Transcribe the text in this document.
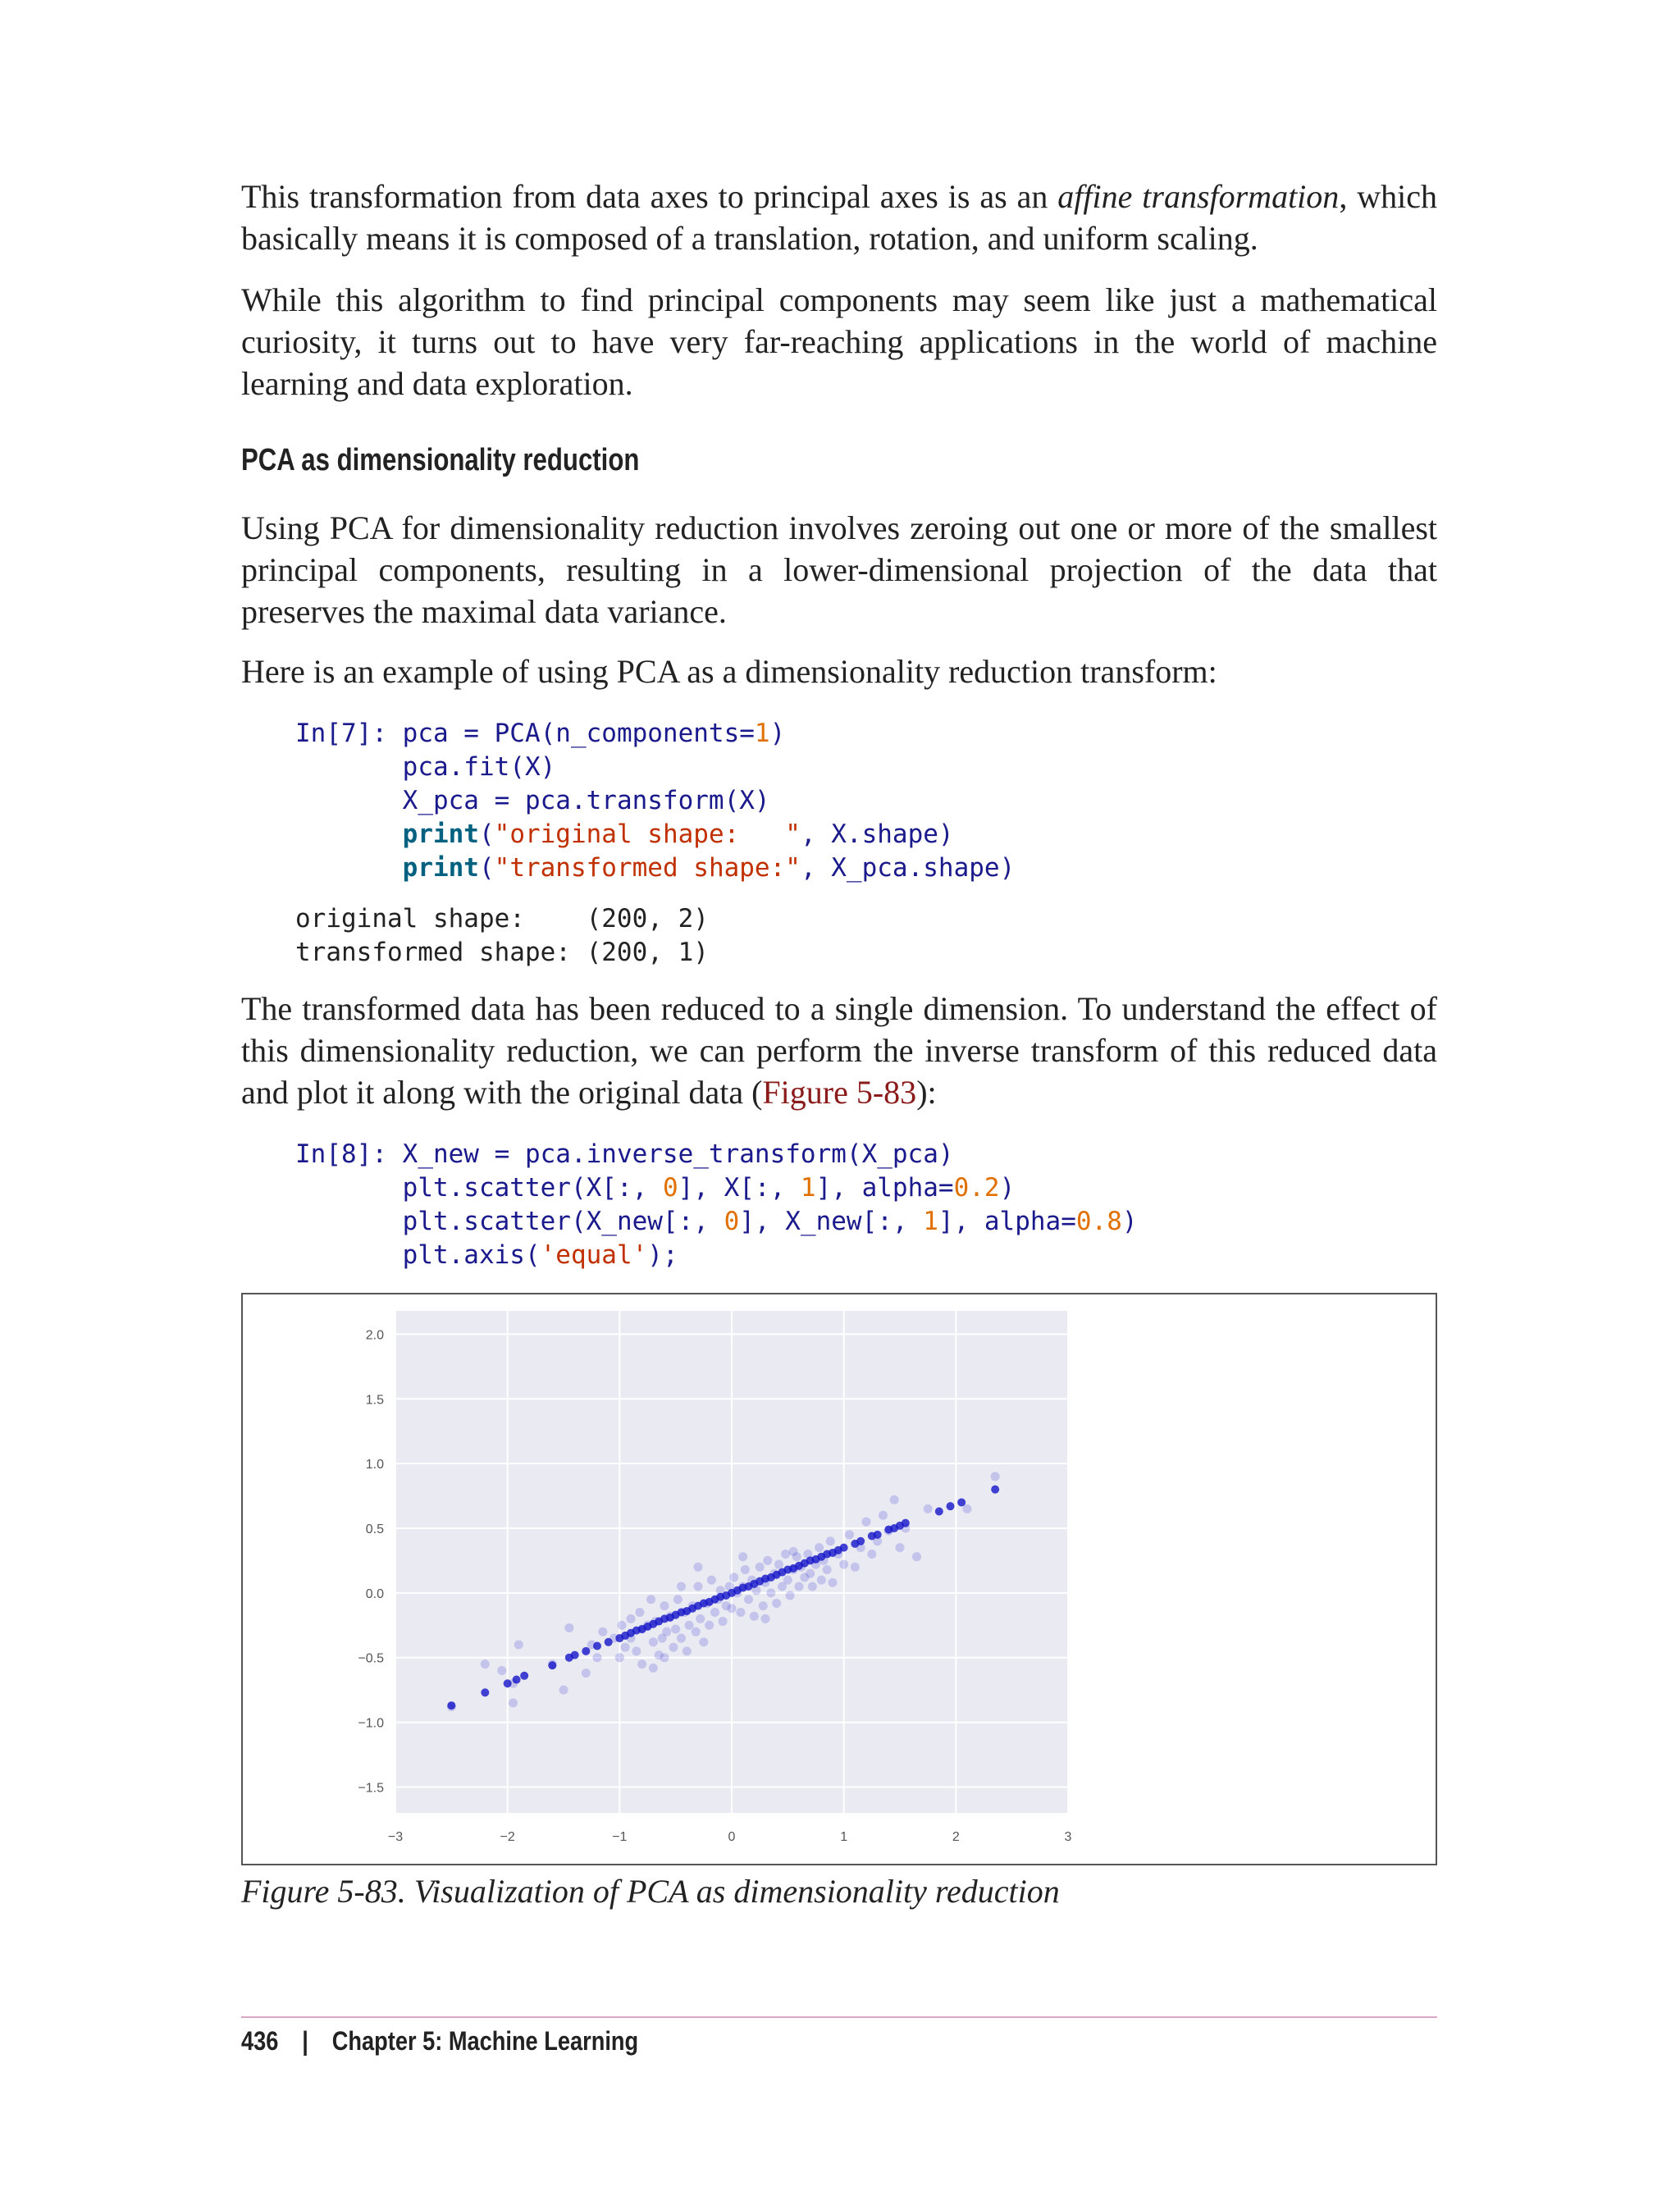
This transformation from data axes to principal axes is as an affine transformation, which basically means it is composed of a translation, rotation, and uniform scaling.

While this algorithm to find principal components may seem like just a mathematical curiosity, it turns out to have very far-reaching applications in the world of machine learning and data exploration.

PCA as dimensionality reduction

Using PCA for dimensionality reduction involves zeroing out one or more of the smallest principal components, resulting in a lower-dimensional projection of the data that preserves the maximal data variance.

Here is an example of using PCA as a dimensionality reduction transform:

In[7]: pca = PCA(n_components=1)
pca.fit(X)
X_pca = pca.transform(X)
print("original shape:   ", X.shape)
print("transformed shape:", X_pca.shape)
original shape:    (200, 2)
transformed shape: (200, 1)

The transformed data has been reduced to a single dimension. To understand the effect of this dimensionality reduction, we can perform the inverse transform of this reduced data and plot it along with the original data (Figure 5-83):

In[8]: X_new = pca.inverse_transform(X_pca)
plt.scatter(X[:, 0], X[:, 1], alpha=0.2)
plt.scatter(X_new[:, 0], X_new[:, 1], alpha=0.8)
plt.axis('equal');
−3	−2	−1	0	1	2	3
2.0
1.5
1.0
0.5
0.0
−0.5
−1.0
−1.5

Figure 5-83. Visualization of PCA as dimensionality reduction

436 | Chapter 5: Machine Learning
